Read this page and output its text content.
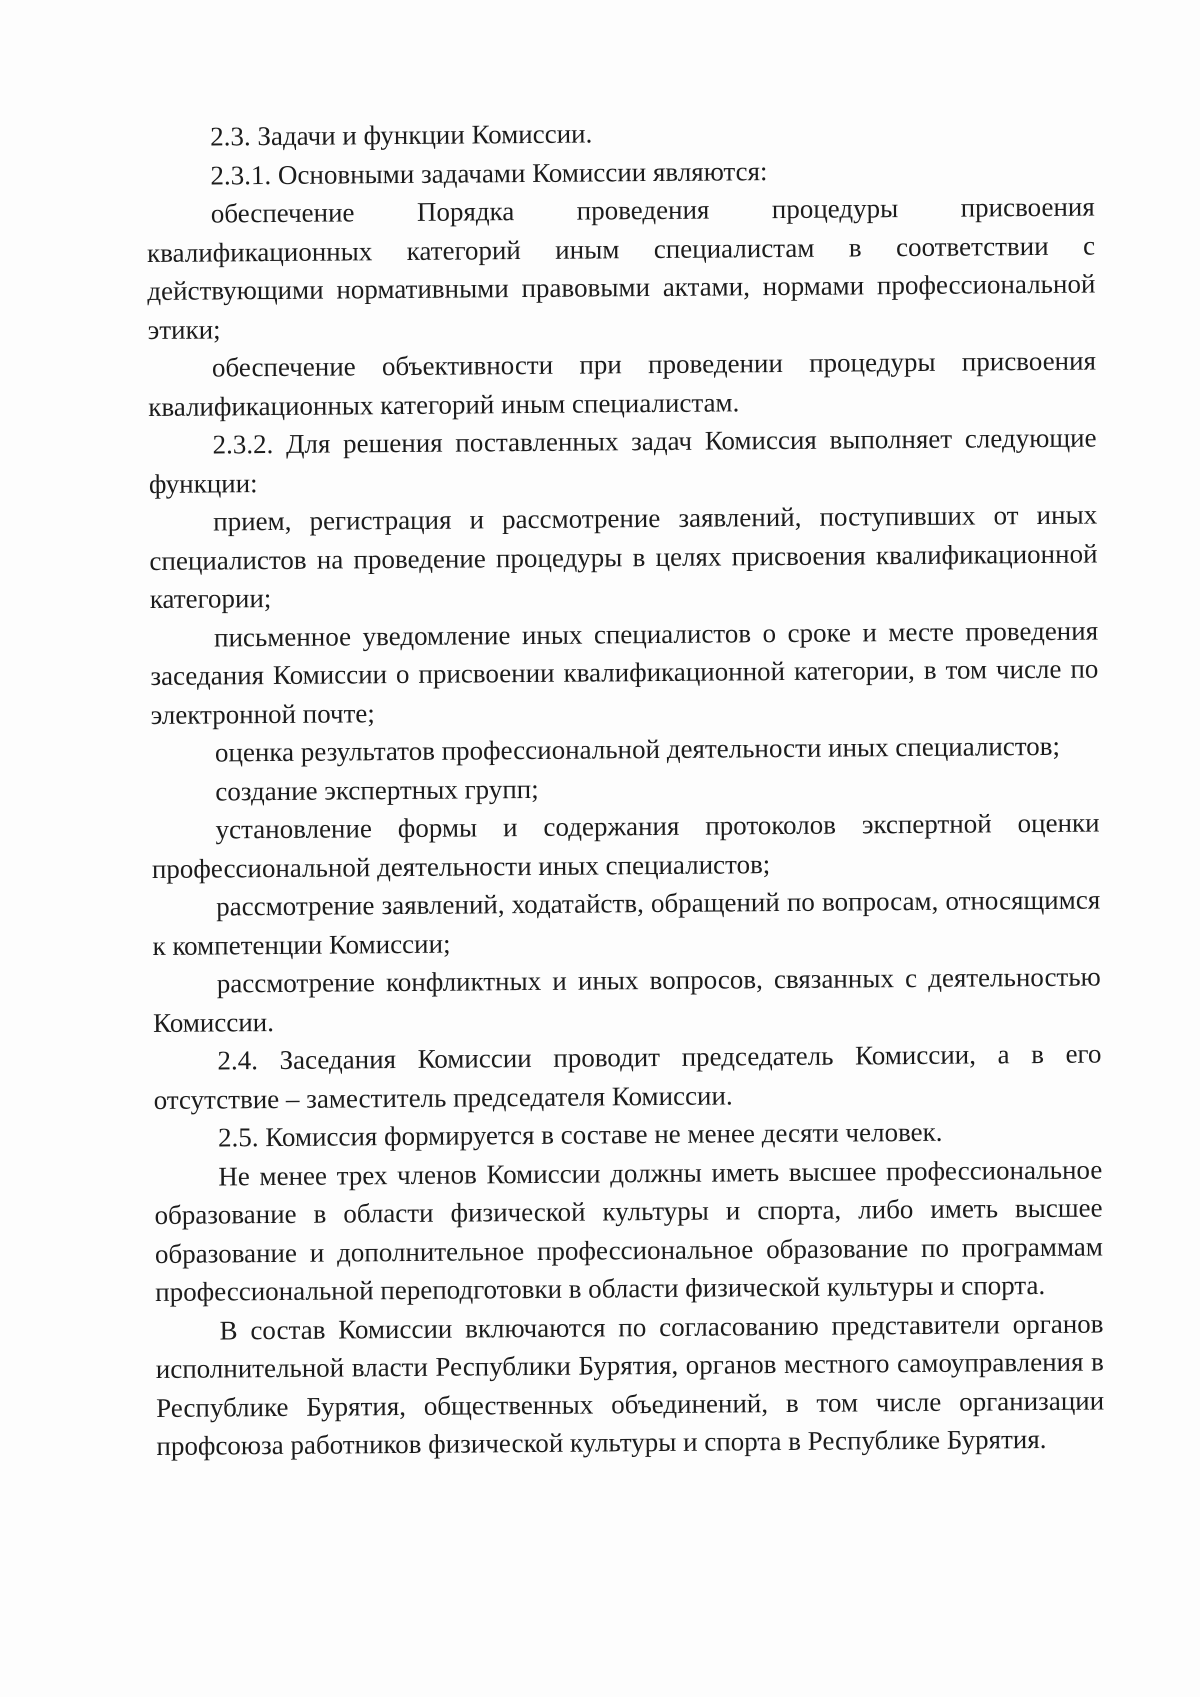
2.3. Задачи и функции Комиссии.

2.3.1. Основными задачами Комиссии являются:

обеспечение Порядка проведения процедуры присвоения квалификационных категорий иным специалистам в соответствии с действующими нормативными правовыми актами, нормами профессиональной этики;

обеспечение объективности при проведении процедуры присвоения квалификационных категорий иным специалистам.

2.3.2. Для решения поставленных задач Комиссия выполняет следующие функции:

прием, регистрация и рассмотрение заявлений, поступивших от иных специалистов на проведение процедуры в целях присвоения квалификационной категории;

письменное уведомление иных специалистов о сроке и месте проведения заседания Комиссии о присвоении квалификационной категории, в том числе по электронной почте;

оценка результатов профессиональной деятельности иных специалистов;

создание экспертных групп;

установление формы и содержания протоколов экспертной оценки профессиональной деятельности иных специалистов;

рассмотрение заявлений, ходатайств, обращений по вопросам, относящимся к компетенции Комиссии;

рассмотрение конфликтных и иных вопросов, связанных с деятельностью Комиссии.

2.4. Заседания Комиссии проводит председатель Комиссии, а в его отсутствие – заместитель председателя Комиссии.

2.5. Комиссия формируется в составе не менее десяти человек.

Не менее трех членов Комиссии должны иметь высшее профессиональное образование в области физической культуры и спорта, либо иметь высшее образование и дополнительное профессиональное образование по программам профессиональной переподготовки в области физической культуры и спорта.

В состав Комиссии включаются по согласованию представители органов исполнительной власти Республики Бурятия, органов местного самоуправления в Республике Бурятия, общественных объединений, в том числе организации профсоюза работников физической культуры и спорта в Республике Бурятия.
